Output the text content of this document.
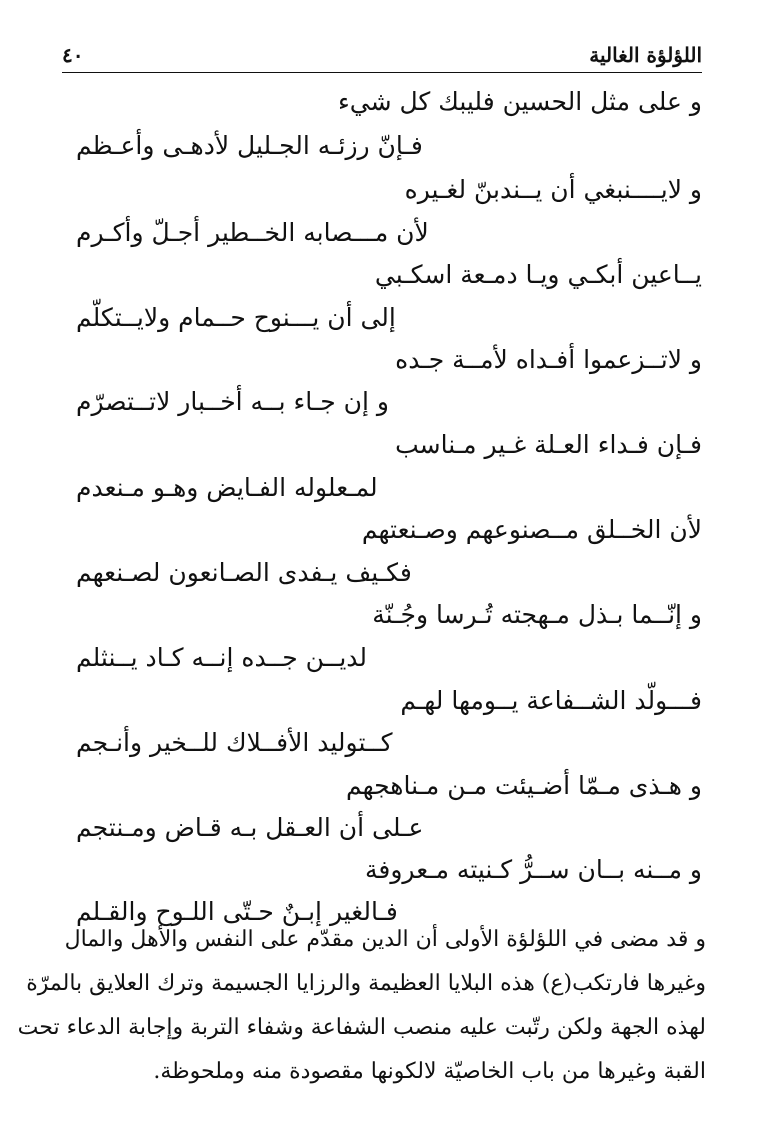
٤٠	اللؤلؤة الغالية
و على مثل الحسين فليبك كل شيء
فـإنّ رزئـه الجـليل لأدهـى وأعـظم
و لايــــنبغي أن يــندبنّ لغـيره
لأن مـــصابه الخــطير أجـلّ وأكـرم
يــاعين أبكـي ويـا دمـعة اسكـبي
إلى أن يـــنوح حــمام ولايــتكلّم
و لاتــزعموا أفـداه لأمــة جـده
و إن جـاء بــه أخــبار لاتــتصرّم
فـإن فـداء العـلة غـير مـناسب
لمـعلوله الفـايض وهـو مـنعدم
لأن الخــلق مــصنوعهم وصـنعتهم
فكـيف يـفدى الصـانعون لصـنعهم
و إنّــما بـذل مـهجته تُـرسا وجُـنّة
لديــن جــده إنــه كـاد يــنثلم
فـــولّد الشــفاعة يــومها لهـم
كــتوليد الأفــلاك للــخير وأنـجم
و هـذى مـمّا أضـيئت مـن مـناهجهم
عـلى أن العـقل بـه قـاض ومـنتجم
و مــنه بــان ســرُّ كـنيته مـعروفة
فـالغير إبـنٌ حـتّى اللـوح والقـلم
و قد مضى في اللؤلؤة الأولى أن الدين مقدّم على النفس والأهل والمال
وغيرها فارتكب(ع) هذه البلايا العظيمة والرزايا الجسيمة وترك العلايق بالمرّة
لهذه الجهة ولكن رتّبت عليه منصب الشفاعة وشفاء التربة وإجابة الدعاء تحت
القبة وغيرها من باب الخاصيّة لالكونها مقصودة منه وملحوظة.
